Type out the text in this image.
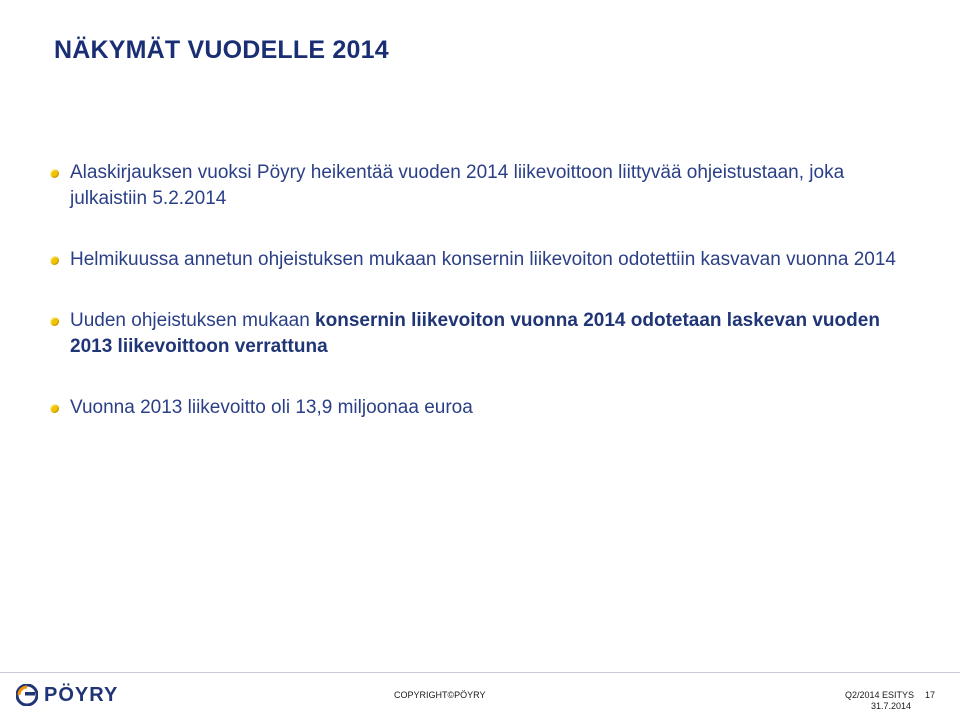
NÄKYMÄT VUODELLE 2014
Alaskirjauksen vuoksi Pöyry heikentää vuoden 2014 liikevoittoon liittyvää ohjeistustaan, joka julkaistiin 5.2.2014
Helmikuussa annetun ohjeistuksen mukaan konsernin liikevoiton odotettiin kasvavan vuonna 2014
Uuden ohjeistuksen mukaan konsernin liikevoiton vuonna 2014 odotetaan laskevan vuoden 2013 liikevoittoon verrattuna
Vuonna 2013 liikevoitto oli 13,9 miljoonaa euroa
PÖYRY	COPYRIGHT©PÖYRY	Q2/2014 ESITYS
31.7.2014
17
